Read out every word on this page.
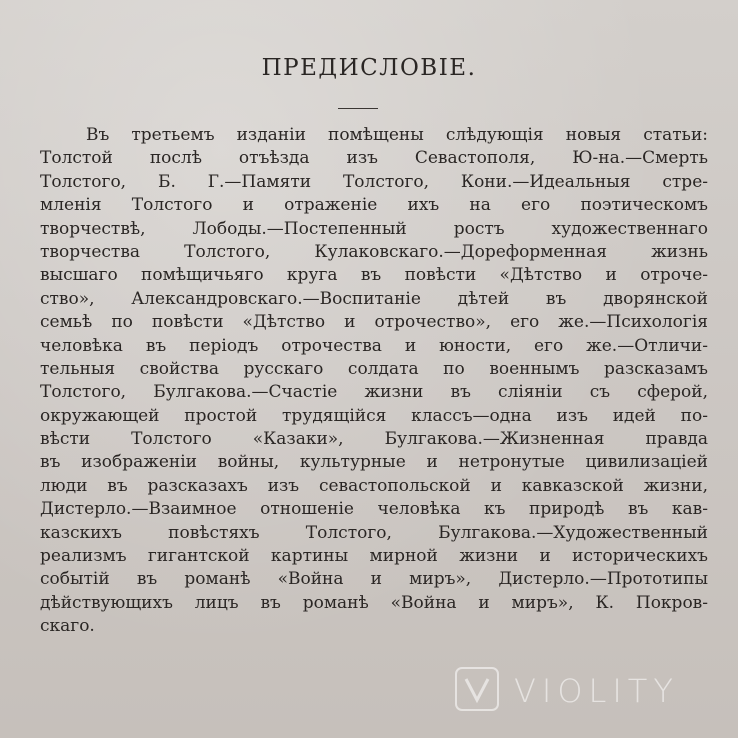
ПРЕДИСЛОВІЕ.
Въ третьемъ изданіи помѣщены слѣдующія новыя статьи:
Толстой послѣ отъѣзда изъ Севастополя, Ю-на.—Смерть
Толстого, Б. Г.—Памяти Толстого, Кони.—Идеальныя стре-
мленія Толстого и отраженіе ихъ на его поэтическомъ
творчествѣ, Лободы.—Постепенный ростъ художественнаго
творчества Толстого, Кулаковскаго.—Дореформенная жизнь
высшаго помѣщичьяго круга въ повѣсти «Дѣтство и отроче-
ство», Александровскаго.—Воспитаніе дѣтей въ дворянской
семьѣ по повѣсти «Дѣтство и отрочество», его же.—Психологія
человѣка въ періодъ отрочества и юности, его же.—Отличи-
тельныя свойства русскаго солдата по военнымъ разсказамъ
Толстого, Булгакова.—Счастіе жизни въ сліяніи съ сферой,
окружающей простой трудящійся классъ—одна изъ идей по-
вѣсти Толстого «Казаки», Булгакова.—Жизненная правда
въ изображеніи войны, культурные и нетронутые цивилизаціей
люди въ разсказахъ изъ севастопольской и кавказской жизни,
Дистерло.—Взаимное отношеніе человѣка къ природѣ въ кав-
казскихъ повѣстяхъ Толстого, Булгакова.—Художественный
реализмъ гигантской картины мирной жизни и историческихъ
событій въ романѣ «Война и миръ», Дистерло.—Прототипы
дѣйствующихъ лицъ въ романѣ «Война и миръ», К. Покров-
скаго.
VIOLITY
